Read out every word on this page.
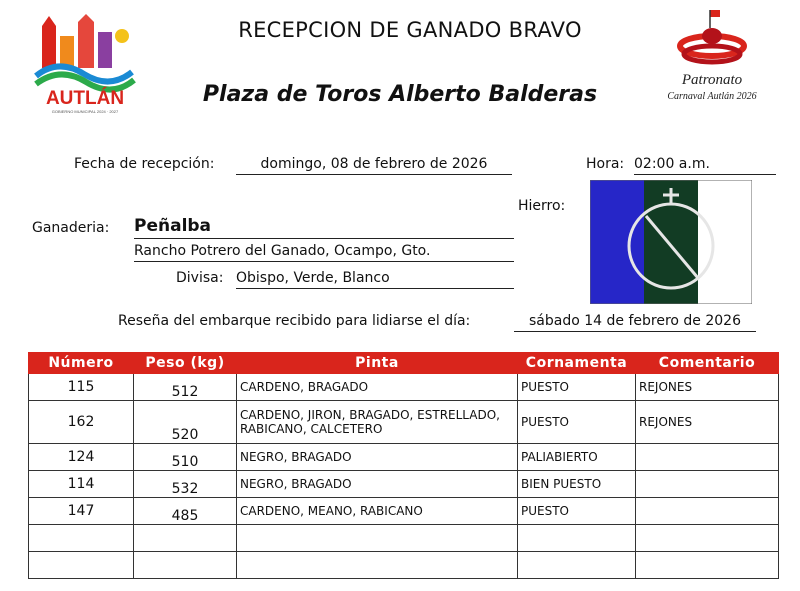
AUTLÁN
GOBIERNO MUNICIPAL 2024 · 2027
RECEPCION DE GANADO BRAVO
Plaza de Toros Alberto Balderas
Patronato
Carnaval Autlán 2026
Fecha de recepción:	domingo, 08 de febrero de 2026	Hora: 02:00 a.m.
Ganaderia: Peñalba
Rancho Potrero del Ganado, Ocampo, Gto.
Divisa: Obispo, Verde, Blanco
Hierro:
Reseña del embarque recibido para lidiarse el día:	sábado 14 de febrero de 2026
Número	Peso (kg)	Pinta	Cornamenta	Comentario
115	512	CARDENO, BRAGADO	PUESTO	REJONES
162	520	CARDENO, JIRON, BRAGADO, ESTRELLADO, RABICANO, CALCETERO	PUESTO	REJONES
124	510	NEGRO, BRAGADO	PALIABIERTO	
114	532	NEGRO, BRAGADO	BIEN PUESTO	
147	485	CARDENO, MEANO, RABICANO	PUESTO	
